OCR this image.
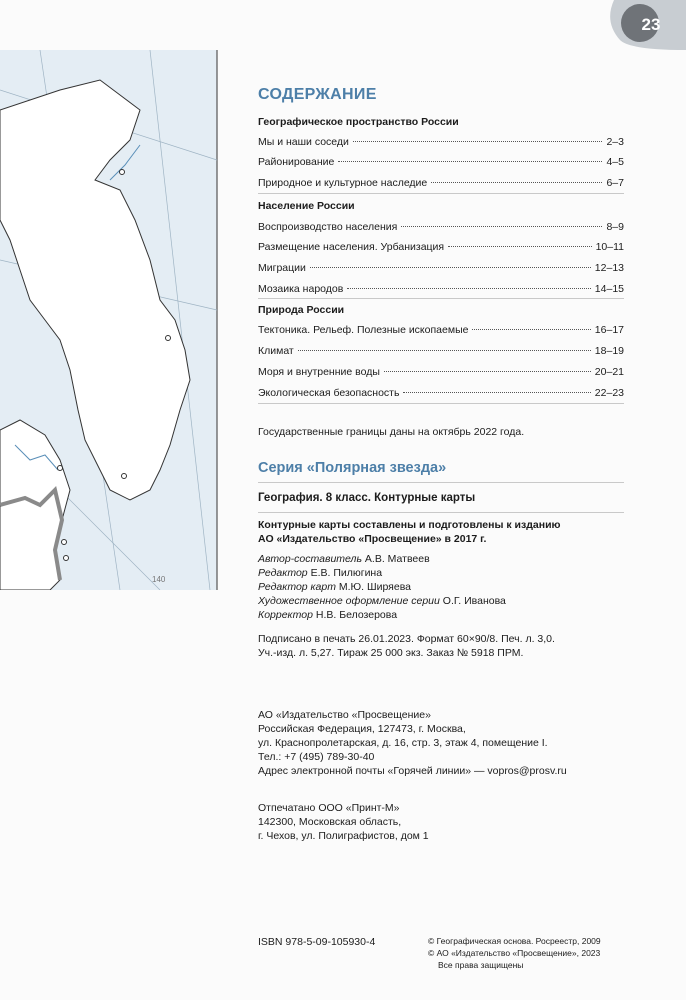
23
140
СОДЕРЖАНИЕ
Географическое пространство России
Мы и наши соседи	2–3
Районирование	4–5
Природное и культурное наследие	6–7
Население России
Воспроизводство населения	8–9
Размещение населения. Урбанизация	10–11
Миграции	12–13
Мозаика народов	14–15
Природа России
Тектоника. Рельеф. Полезные ископаемые	16–17
Климат	18–19
Моря и внутренние воды	20–21
Экологическая безопасность	22–23
Государственные границы даны на октябрь 2022 года.
Серия «Полярная звезда»
География. 8 класс. Контурные карты
Контурные карты составлены и подготовлены к изданию
АО «Издательство «Просвещение» в 2017 г.
Автор-составитель А.В. Матвеев
Редактор Е.В. Пилюгина
Редактор карт М.Ю. Ширяева
Художественное оформление серии О.Г. Иванова
Корректор Н.В. Белозерова
Подписано в печать 26.01.2023. Формат 60×90/8. Печ. л. 3,0.
Уч.-изд. л. 5,27. Тираж 25 000 экз. Заказ № 5918 ПРМ.
АО «Издательство «Просвещение»
Российская Федерация, 127473, г. Москва,
ул. Краснопролетарская, д. 16, стр. 3, этаж 4, помещение I.
Тел.: +7 (495) 789-30-40
Адрес электронной почты «Горячей линии» — vopros@prosv.ru
Отпечатано ООО «Принт-М»
142300, Московская область,
г. Чехов, ул. Полиграфистов, дом 1
ISBN 978-5-09-105930-4	© Географическая основа. Росреестр, 2009
© АО «Издательство «Просвещение», 2023
Все права защищены
